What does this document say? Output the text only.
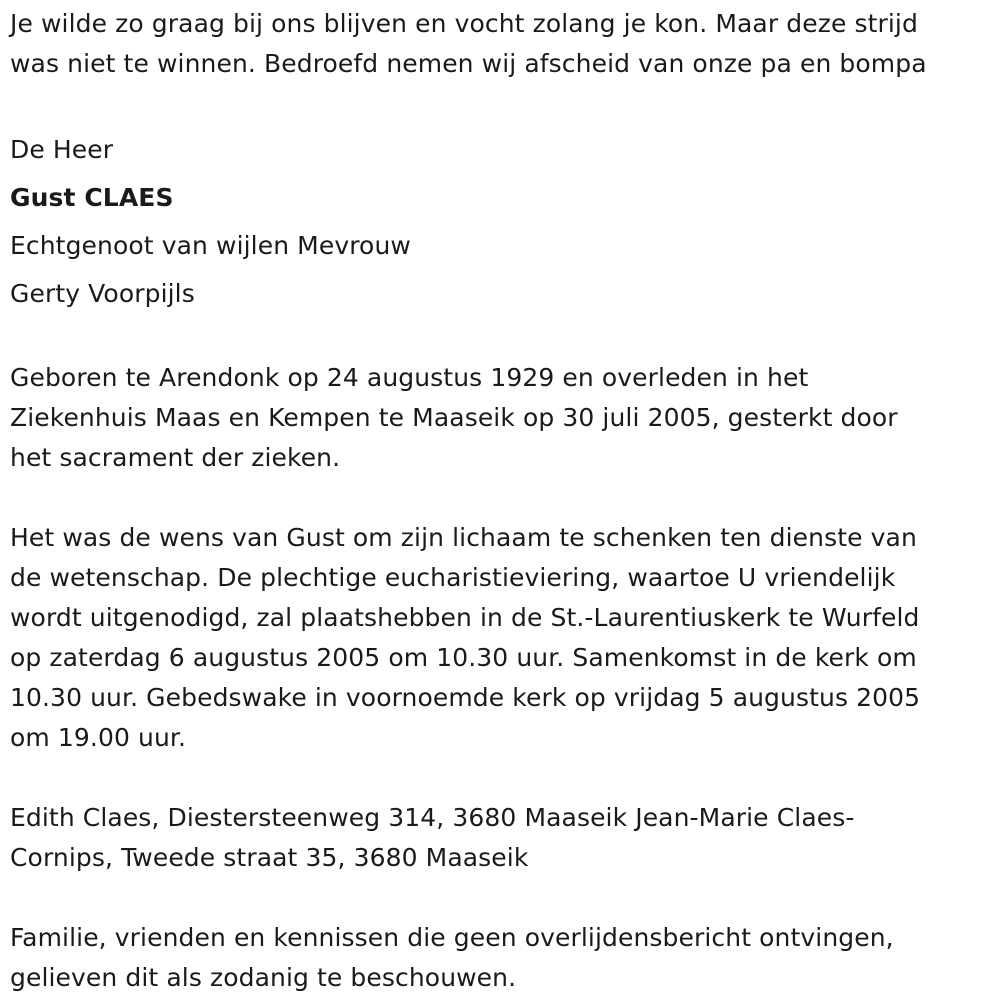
Je wilde zo graag bij ons blijven en vocht zolang je kon. Maar deze strijd
was niet te winnen. Bedroefd nemen wij afscheid van onze pa en bompa
De Heer
Gust CLAES
Echtgenoot van wijlen Mevrouw
Gerty Voorpijls
Geboren te Arendonk op 24 augustus 1929 en overleden in het
Ziekenhuis Maas en Kempen te Maaseik op 30 juli 2005, gesterkt door
het sacrament der zieken.
Het was de wens van Gust om zijn lichaam te schenken ten dienste van
de wetenschap. De plechtige eucharistieviering, waartoe U vriendelijk
wordt uitgenodigd, zal plaatshebben in de St.-Laurentiuskerk te Wurfeld
op zaterdag 6 augustus 2005 om 10.30 uur. Samenkomst in de kerk om
10.30 uur. Gebedswake in voornoemde kerk op vrijdag 5 augustus 2005
om 19.00 uur.
Edith Claes, Diestersteenweg 314, 3680 Maaseik Jean-Marie Claes-
Cornips, Tweede straat 35, 3680 Maaseik
Familie, vrienden en kennissen die geen overlijdensbericht ontvingen,
gelieven dit als zodanig te beschouwen.
